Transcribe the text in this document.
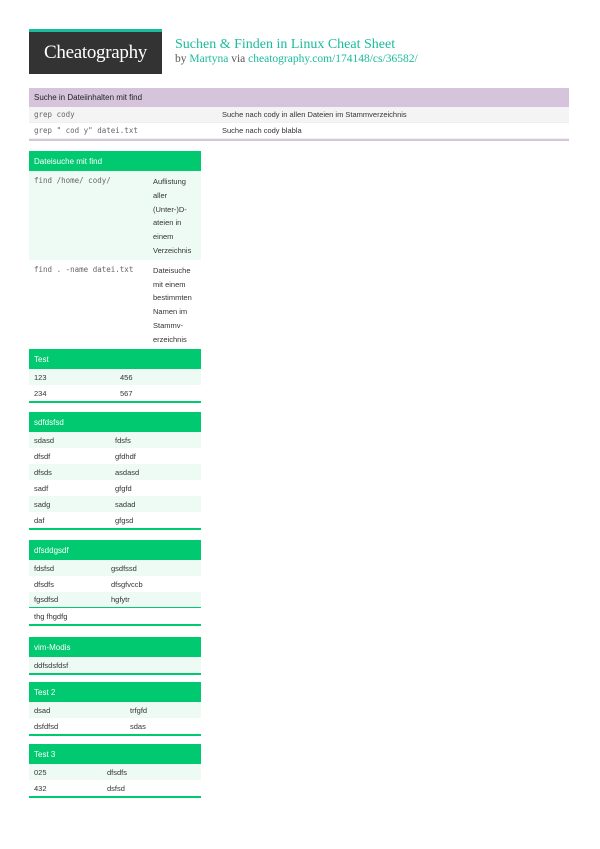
Cheatography Suchen & Finden in Linux Cheat Sheet
by Martyna via cheatography.com/174148/cs/36582/
Suche in Dateiinhalten mit find
grep cody	Suche nach cody in allen Dateien im Stammverzeichnis
grep " cod y" datei.txt	Suche nach cody blabla
Dateisuche mit find
find /home/ cody/	Auflistung
aller
(Unter-)D-
ateien in
einem
Verzeichnis
find . -name datei.txt	Dateisuche
mit einem
bestimmten
Namen im
Stammv-
erzeichnis
Test
123	456
234	567
sdfdsfsd
sdasd	fdsfs
dfsdf	gfdhdf
dfsds	asdasd
sadf	gfgfd
sadg	sadad
daf	gfgsd
dfsddgsdf
fdsfsd	gsdfssd
dfsdfs	dfsgfvccb
fgsdfsd	hgfytr
thg fhgdfg
vim-Modis
ddfsdsfdsf
Test 2
dsad	trfgfd
dsfdfsd	sdas
Test 3
025	dfsdfs
432	dsfsd
